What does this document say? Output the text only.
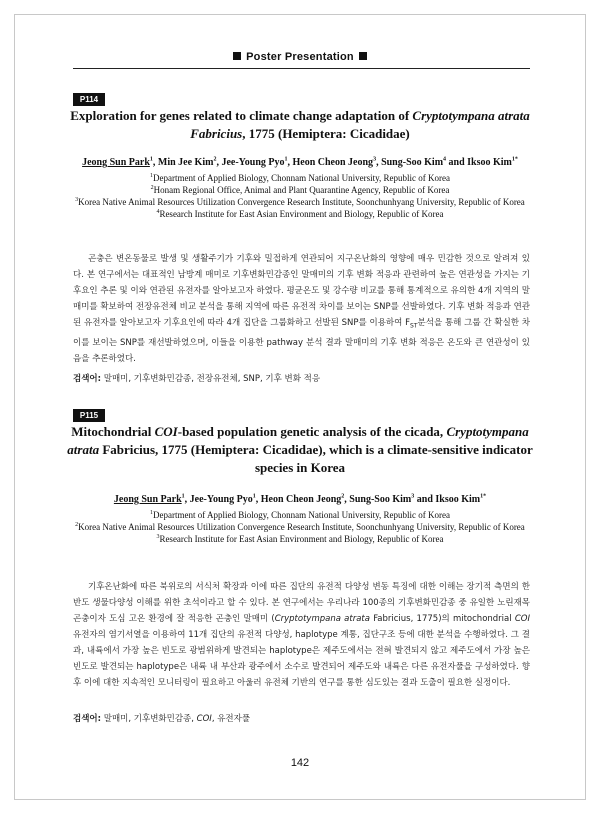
Poster Presentation
P114
Exploration for genes related to climate change adaptation of Cryptotympana atrata
Fabricius, 1775 (Hemiptera: Cicadidae)
Jeong Sun Park$^1$, Min Jee Kim$^2$, Jee-Young Pyo$^1$, Heon Cheon Jeong$^3$, Sung-Soo Kim$^4$ and Iksoo Kim$^{1*}$
$^1$Department of Applied Biology, Chonnam National University, Republic of Korea
$^2$Honam Regional Office, Animal and Plant Quarantine Agency, Republic of Korea
$^3$Korea Native Animal Resources Utilization Convergence Research Institute, Soonchunhyang University, Republic of Korea
$^4$Research Institute for East Asian Environment and Biology, Republic of Korea

곤충은 변온동물로 발생 및 생활주기가 기후와 밀접하게 연관되어 지구온난화의 영향에 매우 민감한 것으로 알려져 있다. 본 연구에서는 대표적인 남방계 매미로 기후변화민감종인 말매미의 기후 변화 적응과 관련하여 높은 연관성을 가지는 기후요인 추론 및 이와 연관된 유전자를 알아보고자 하였다. 평균온도 및 강수량 비교를 통해 통계적으로 유의한 4개 지역의 말매미를 확보하여 전장유전체 비교 분석을 통해 지역에 따른 유전적 차이를 보이는 SNP를 선발하였다. 기후 변화 적응과 연관된 유전자를 알아보고자 기후요인에 따라 4개 집단을 그룹화하고 선발된 SNP를 이용하여 $F_{ST}$분석을 통해 그룹 간 확실한 차이를 보이는 SNP를 재선발하였으며, 이들을 이용한 pathway 분석 결과 말매미의 기후 변화 적응은 온도와 큰 연관성이 있음을 추론하였다.

검색어: 말매미, 기후변화민감종, 전장유전체, SNP, 기후 변화 적응
P115
Mitochondrial COI-based population genetic analysis of the cicada, Cryptotympana atrata Fabricius, 1775 (Hemiptera: Cicadidae), which is a climate-sensitive indicator species in Korea
Jeong Sun Park$^1$, Jee-Young Pyo$^1$, Heon Cheon Jeong$^2$, Sung-Soo Kim$^3$ and Iksoo Kim$^{1*}$
$^1$Department of Applied Biology, Chonnam National University, Republic of Korea
$^2$Korea Native Animal Resources Utilization Convergence Research Institute, Soonchunhyang University, Republic of Korea
$^3$Research Institute for East Asian Environment and Biology, Republic of Korea

기후온난화에 따른 북위로의 서식처 확장과 이에 따른 집단의 유전적 다양성 변동 특징에 대한 이해는 장기적 측면의 한반도 생물다양성 이해를 위한 초석이라고 할 수 있다. 본 연구에서는 우리나라 100종의 기후변화민감종 중 유일한 노린재목 곤충이자 도심 고온 환경에 잘 적응한 곤충인 말매미 (Cryptotympana atrata Fabricius, 1775)의 mitochondrial COI 유전자의 염기서열을 이용하여 11개 집단의 유전적 다양성, haplotype 계통, 집단구조 등에 대한 분석을 수행하였다. 그 결과, 내륙에서 가장 높은 빈도로 광범위하게 발견되는 haplotype은 제주도에서는 전혀 발견되지 않고 제주도에서 가장 높은 빈도로 발견되는 haplotype은 내륙 내 부산과 광주에서 소수로 발견되어 제주도와 내륙은 다른 유전자풀을 구성하였다. 향후 이에 대한 지속적인 모니터링이 필요하고 아울러 유전체 기반의 연구를 통한 심도있는 결과 도출이 필요한 실정이다.

검색어: 말매미, 기후변화민감종, COI, 유전자풀
142
